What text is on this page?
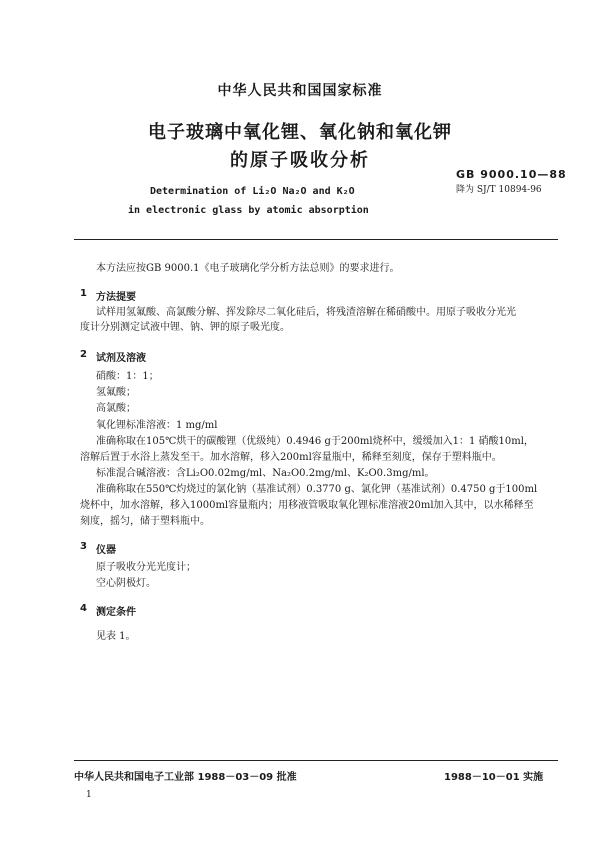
中华人民共和国国家标准
电子玻璃中氧化锂、氧化钠和氧化钾
的原子吸收分析
GB 9000.10—88
降为 SJ/T 10894-96
Determination of Li₂O Na₂O and K₂O
in electronic glass by atomic absorption
本方法应按GB 9000.1《电子玻璃化学分析方法总则》的要求进行。
1 方法提要
试样用氢氟酸、高氯酸分解、挥发除尽二氧化硅后，将残渣溶解在稀硝酸中。用原子吸收分光光
度计分别测定试液中锂、钠、钾的原子吸光度。
2 试剂及溶液
硝酸：1：1；
氢氟酸；
高氯酸；
氧化锂标准溶液：1 mg/ml
准确称取在105℃烘干的碳酸锂（优级纯）0.4946 g于200ml烧杯中，缓缓加入1：1 硝酸10ml，
溶解后置于水浴上蒸发至干。加水溶解，移入200ml容量瓶中，稀释至刻度，保存于塑料瓶中。
标准混合碱溶液：含Li₂O0.02mg/ml、Na₂O0.2mg/ml、K₂O0.3mg/ml。
准确称取在550℃灼烧过的氯化钠（基准试剂）0.3770 g、氯化钾（基准试剂）0.4750 g于100ml
烧杯中，加水溶解，移入1000ml容量瓶内；用移液管吸取氧化锂标准溶液20ml加入其中，以水稀释至
刻度，摇匀，储于塑料瓶中。
3 仪器
原子吸收分光光度计；
空心阴极灯。
4 测定条件
见表 1。
中华人民共和国电子工业部 1988－03－09 批准	1988－10－01 实施
1
